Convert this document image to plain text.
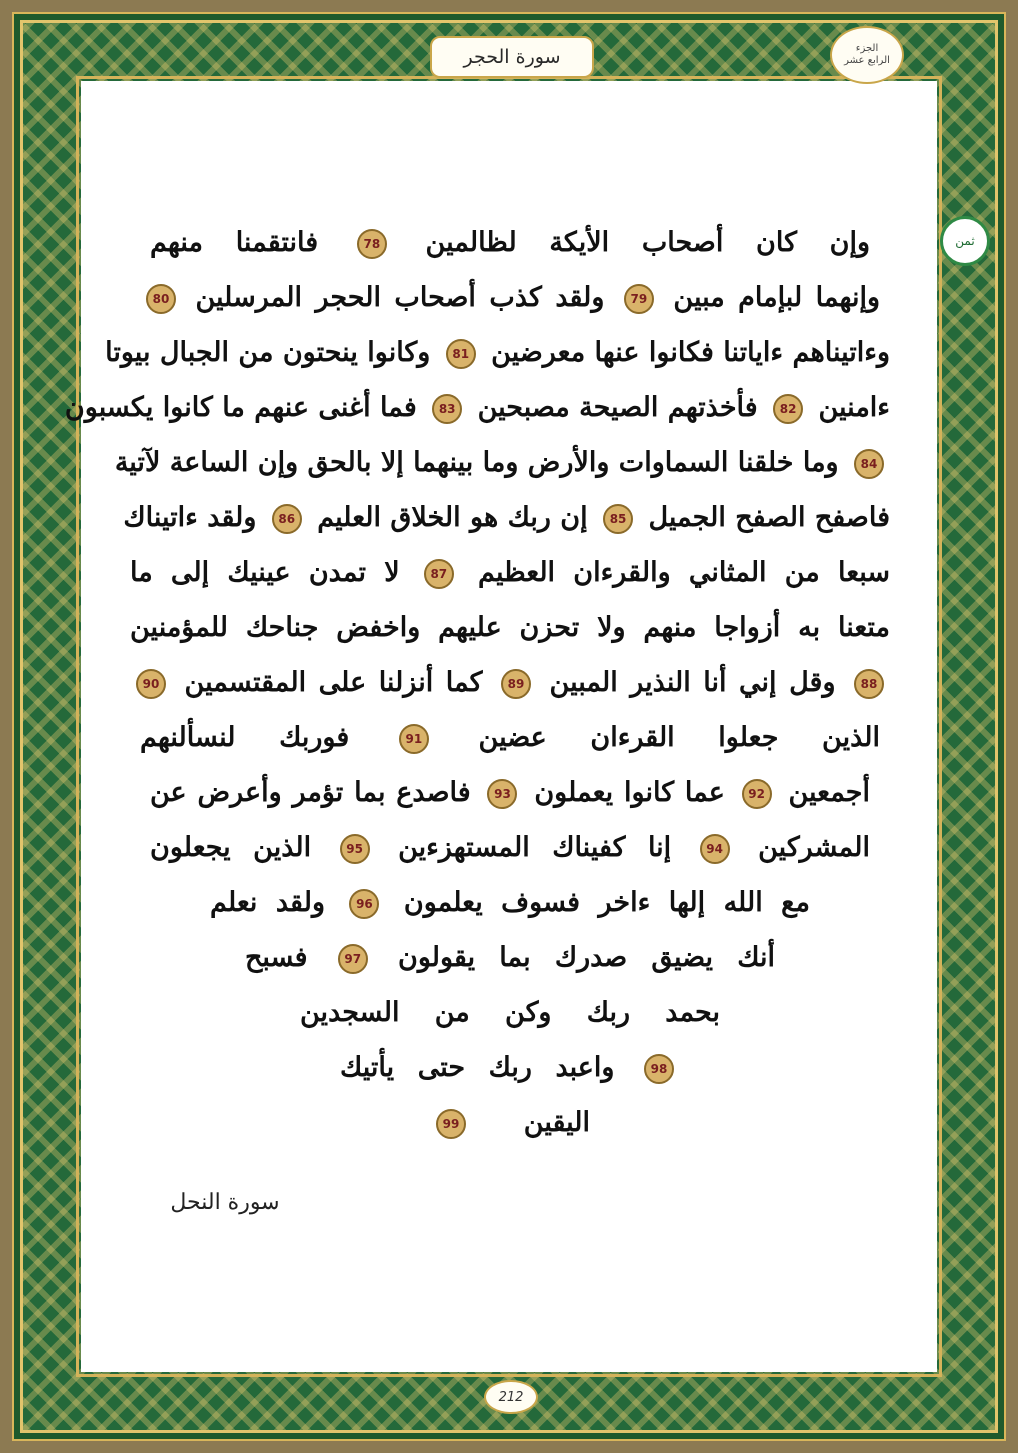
سورة الحجر	الجزء
الرابع عشر
ثمن
وإن كان أصحاب الأيكة لظالمين 78 فانتقمنا منهم
وإنهما لبإمام مبين 79 ولقد كذب أصحاب الحجر المرسلين 80
وءاتيناهم ءاياتنا فكانوا عنها معرضين 81 وكانوا ينحتون من الجبال بيوتا
ءامنين 82 فأخذتهم الصيحة مصبحين 83 فما أغنى عنهم ما كانوا يكسبون
84 وما خلقنا السماوات والأرض وما بينهما إلا بالحق وإن الساعة لآتية
فاصفح الصفح الجميل 85 إن ربك هو الخلاق العليم 86 ولقد ءاتيناك
سبعا من المثاني والقرءان العظيم 87 لا تمدن عينيك إلى ما
متعنا به أزواجا منهم ولا تحزن عليهم واخفض جناحك للمؤمنين
88 وقل إني أنا النذير المبين 89 كما أنزلنا على المقتسمين 90
الذين جعلوا القرءان عضين 91 فوربك لنسألنهم
أجمعين 92 عما كانوا يعملون 93 فاصدع بما تؤمر وأعرض عن
المشركين 94 إنا كفيناك المستهزءين 95 الذين يجعلون
مع الله إلها ءاخر فسوف يعلمون 96 ولقد نعلم
أنك يضيق صدرك بما يقولون 97 فسبح
بحمد ربك وكن من السجدين
98 واعبد ربك حتى يأتيك
اليقين 99
سورة النحل
212
